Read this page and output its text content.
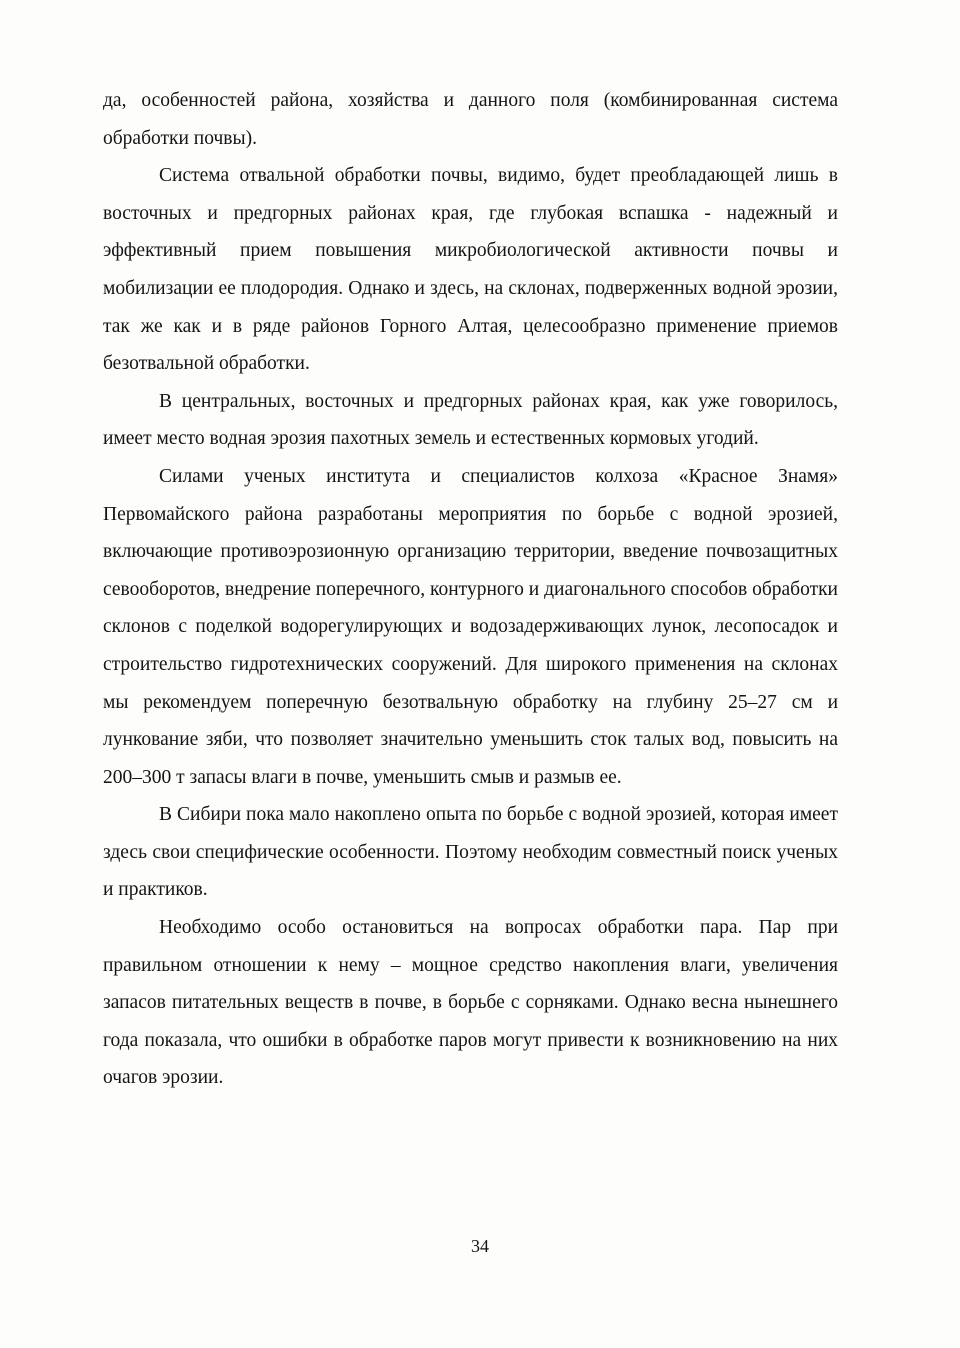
да, особенностей района, хозяйства и данного поля (комбинированная система обработки почвы).

Система отвальной обработки почвы, видимо, будет преобладающей лишь в восточных и предгорных районах края, где глубокая вспашка - надежный и эффективный прием повышения микробиологической активности почвы и мобилизации ее плодородия. Однако и здесь, на склонах, подверженных водной эрозии, так же как и в ряде районов Горного Алтая, целесообразно применение приемов безотвальной обработки.

В центральных, восточных и предгорных районах края, как уже говорилось, имеет место водная эрозия пахотных земель и естественных кормовых угодий.

Силами ученых института и специалистов колхоза «Красное Знамя» Первомайского района разработаны мероприятия по борьбе с водной эрозией, включающие противоэрозионную организацию территории, введение почвозащитных севооборотов, внедрение поперечного, контурного и диагонального способов обработки склонов с поделкой водорегулирующих и водозадерживающих лунок, лесопосадок и строительство гидротехнических сооружений. Для широкого применения на склонах мы рекомендуем поперечную безотвальную обработку на глубину 25–27 см и лункование зяби, что позволяет значительно уменьшить сток талых вод, повысить на 200–300 т запасы влаги в почве, уменьшить смыв и размыв ее.

В Сибири пока мало накоплено опыта по борьбе с водной эрозией, которая имеет здесь свои специфические особенности. Поэтому необходим совместный поиск ученых и практиков.

Необходимо особо остановиться на вопросах обработки пара. Пар при правильном отношении к нему – мощное средство накопления влаги, увеличения запасов питательных веществ в почве, в борьбе с сорняками. Однако весна нынешнего года показала, что ошибки в обработке паров могут привести к возникновению на них очагов эрозии.

34
